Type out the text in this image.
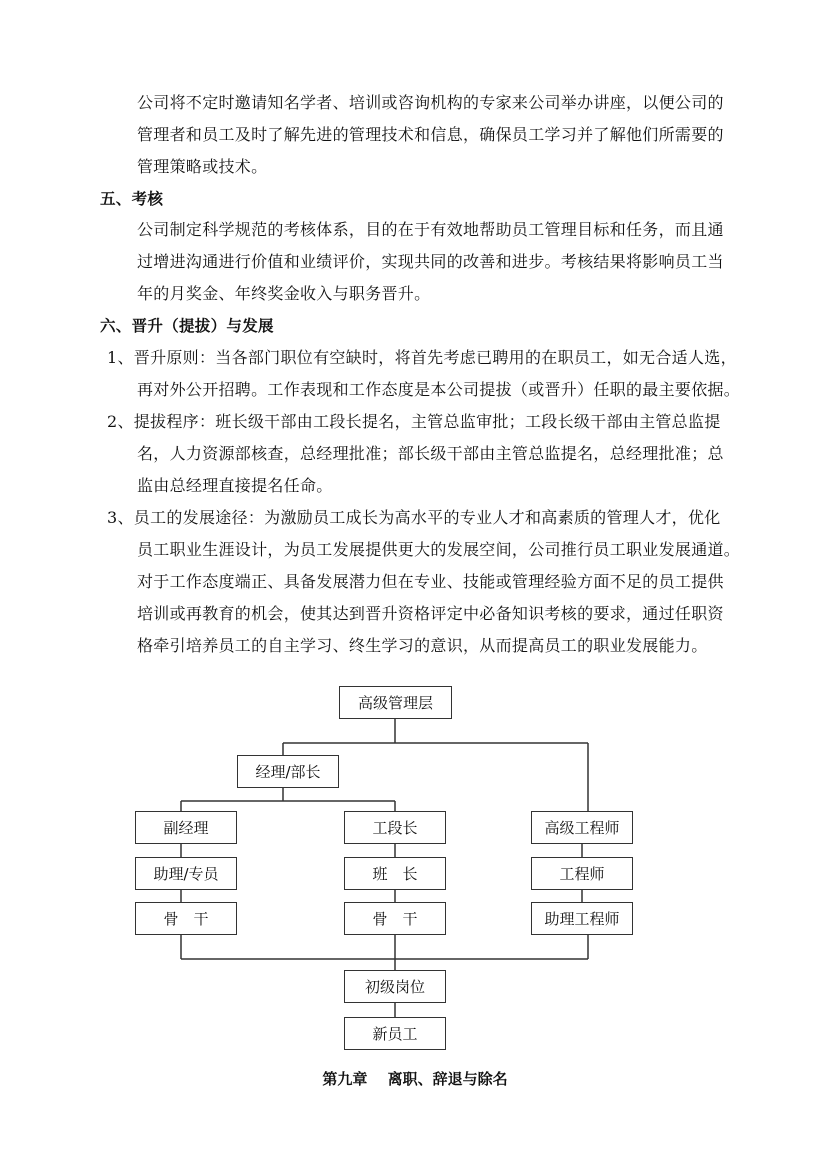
公司将不定时邀请知名学者、培训或咨询机构的专家来公司举办讲座，以便公司的
管理者和员工及时了解先进的管理技术和信息，确保员工学习并了解他们所需要的
管理策略或技术。
五、考核
公司制定科学规范的考核体系，目的在于有效地帮助员工管理目标和任务，而且通
过增进沟通进行价值和业绩评价，实现共同的改善和进步。考核结果将影响员工当
年的月奖金、年终奖金收入与职务晋升。
六、晋升（提拔）与发展
1、晋升原则：当各部门职位有空缺时，将首先考虑已聘用的在职员工，如无合适人选，
再对外公开招聘。工作表现和工作态度是本公司提拔（或晋升）任职的最主要依据。
2、提拔程序：班长级干部由工段长提名，主管总监审批；工段长级干部由主管总监提
名，人力资源部核查，总经理批准；部长级干部由主管总监提名，总经理批准；总
监由总经理直接提名任命。
3、员工的发展途径：为激励员工成长为高水平的专业人才和高素质的管理人才，优化
员工职业生涯设计，为员工发展提供更大的发展空间，公司推行员工职业发展通道。
对于工作态度端正、具备发展潜力但在专业、技能或管理经验方面不足的员工提供
培训或再教育的机会，使其达到晋升资格评定中必备知识考核的要求，通过任职资
格牵引培养员工的自主学习、终生学习的意识，从而提高员工的职业发展能力。
高级管理层
经理/部长
副经理
助理/专员
骨　干
工段长
班　长
骨　干
高级工程师
工程师
助理工程师
初级岗位
新员工
第九章　 离职、辞退与除名
